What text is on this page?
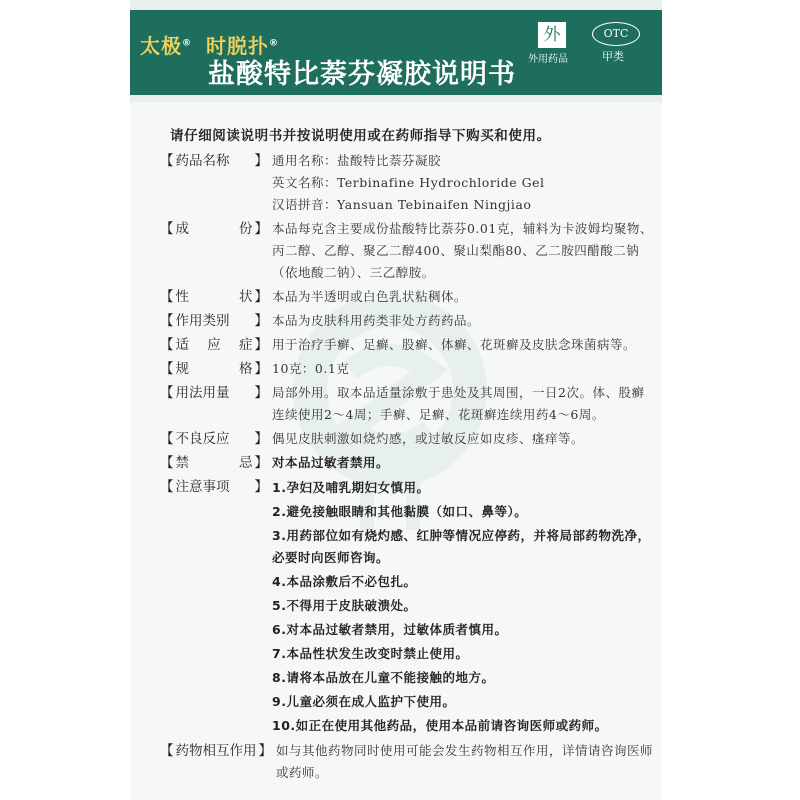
太极® 时脱扑®
盐酸特比萘芬凝胶说明书
外
外用药品
OTC
甲类
请仔细阅读说明书并按说明使用或在药师指导下购买和使用。
【 药品名称 】 通用名称：盐酸特比萘芬凝胶
英文名称：Terbinafine Hydrochloride Gel
汉语拼音：Yansuan Tebinaifen Ningjiao
【 成	份 】 本品每克含主要成份盐酸特比萘芬0.01克，辅料为卡波姆均聚物、丙二醇、乙醇、聚乙二醇400、聚山梨酯80、乙二胺四醋酸二钠（依地酸二钠）、三乙醇胺。
【 性	状 】 本品为半透明或白色乳状粘稠体。
【 作用类别 】 本品为皮肤科用药类非处方药药品。
【 适 应 症 】 用于治疗手癣、足癣、股癣、体癣、花斑癣及皮肤念珠菌病等。
【 规	格 】 10克：0.1克
【 用法用量 】 局部外用。取本品适量涂敷于患处及其周围，一日2次。体、股癣连续使用2～4周；手癣、足癣、花斑癣连续用药4～6周。
【 不良反应 】 偶见皮肤刺激如烧灼感，或过敏反应如皮疹、瘙痒等。
【 禁	忌 】 对本品过敏者禁用。
【 注意事项 】 1.孕妇及哺乳期妇女慎用。
2.避免接触眼睛和其他黏膜（如口、鼻等）。
3.用药部位如有烧灼感、红肿等情况应停药，并将局部药物洗净，必要时向医师咨询。
4.本品涂敷后不必包扎。
5.不得用于皮肤破溃处。
6.对本品过敏者禁用，过敏体质者慎用。
7.本品性状发生改变时禁止使用。
8.请将本品放在儿童不能接触的地方。
9.儿童必须在成人监护下使用。
10.如正在使用其他药品，使用本品前请咨询医师或药师。
【 药物相互作用 】 如与其他药物同时使用可能会发生药物相互作用，详情请咨询医师或药师。
